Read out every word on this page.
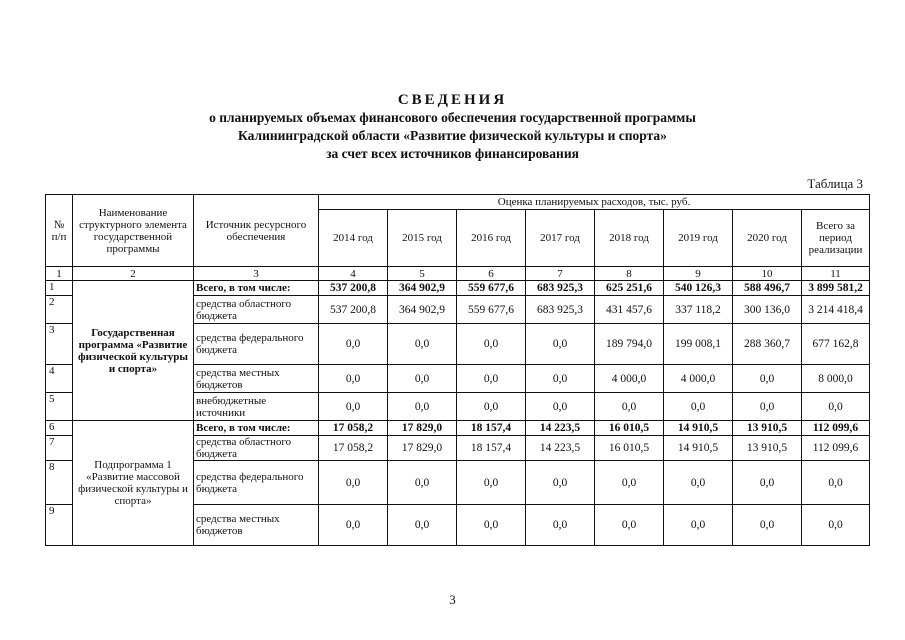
СВЕДЕНИЯ
о планируемых объемах финансового обеспечения государственной программы
Калининградской области «Развитие физической культуры и спорта»
за счет всех источников финансирования
Таблица 3
№ п/п	Наименование структурного элемента государственной программы	Источник ресурсного обеспечения	Оценка планируемых расходов, тыс. руб.							
			2014 год	2015 год	2016 год	2017 год	2018 год	2019 год	2020 год	Всего за период реализации
1	2	3	4	5	6	7	8	9	10	11
1	Государственная программа «Развитие физической культуры и спорта»	Всего, в том числе:	537 200,8	364 902,9	559 677,6	683 925,3	625 251,6	540 126,3	588 496,7	3 899 581,2
2		средства областного бюджета	537 200,8	364 902,9	559 677,6	683 925,3	431 457,6	337 118,2	300 136,0	3 214 418,4
3		средства федерального бюджета	0,0	0,0	0,0	0,0	189 794,0	199 008,1	288 360,7	677 162,8
4		средства местных бюджетов	0,0	0,0	0,0	0,0	4 000,0	4 000,0	0,0	8 000,0
5		внебюджетные источники	0,0	0,0	0,0	0,0	0,0	0,0	0,0	0,0
6	Подпрограмма 1 «Развитие массовой физической культуры и спорта»	Всего, в том числе:	17 058,2	17 829,0	18 157,4	14 223,5	16 010,5	14 910,5	13 910,5	112 099,6
7		средства областного бюджета	17 058,2	17 829,0	18 157,4	14 223,5	16 010,5	14 910,5	13 910,5	112 099,6
8		средства федерального бюджета	0,0	0,0	0,0	0,0	0,0	0,0	0,0	0,0
9		средства местных бюджетов	0,0	0,0	0,0	0,0	0,0	0,0	0,0	0,0
3
